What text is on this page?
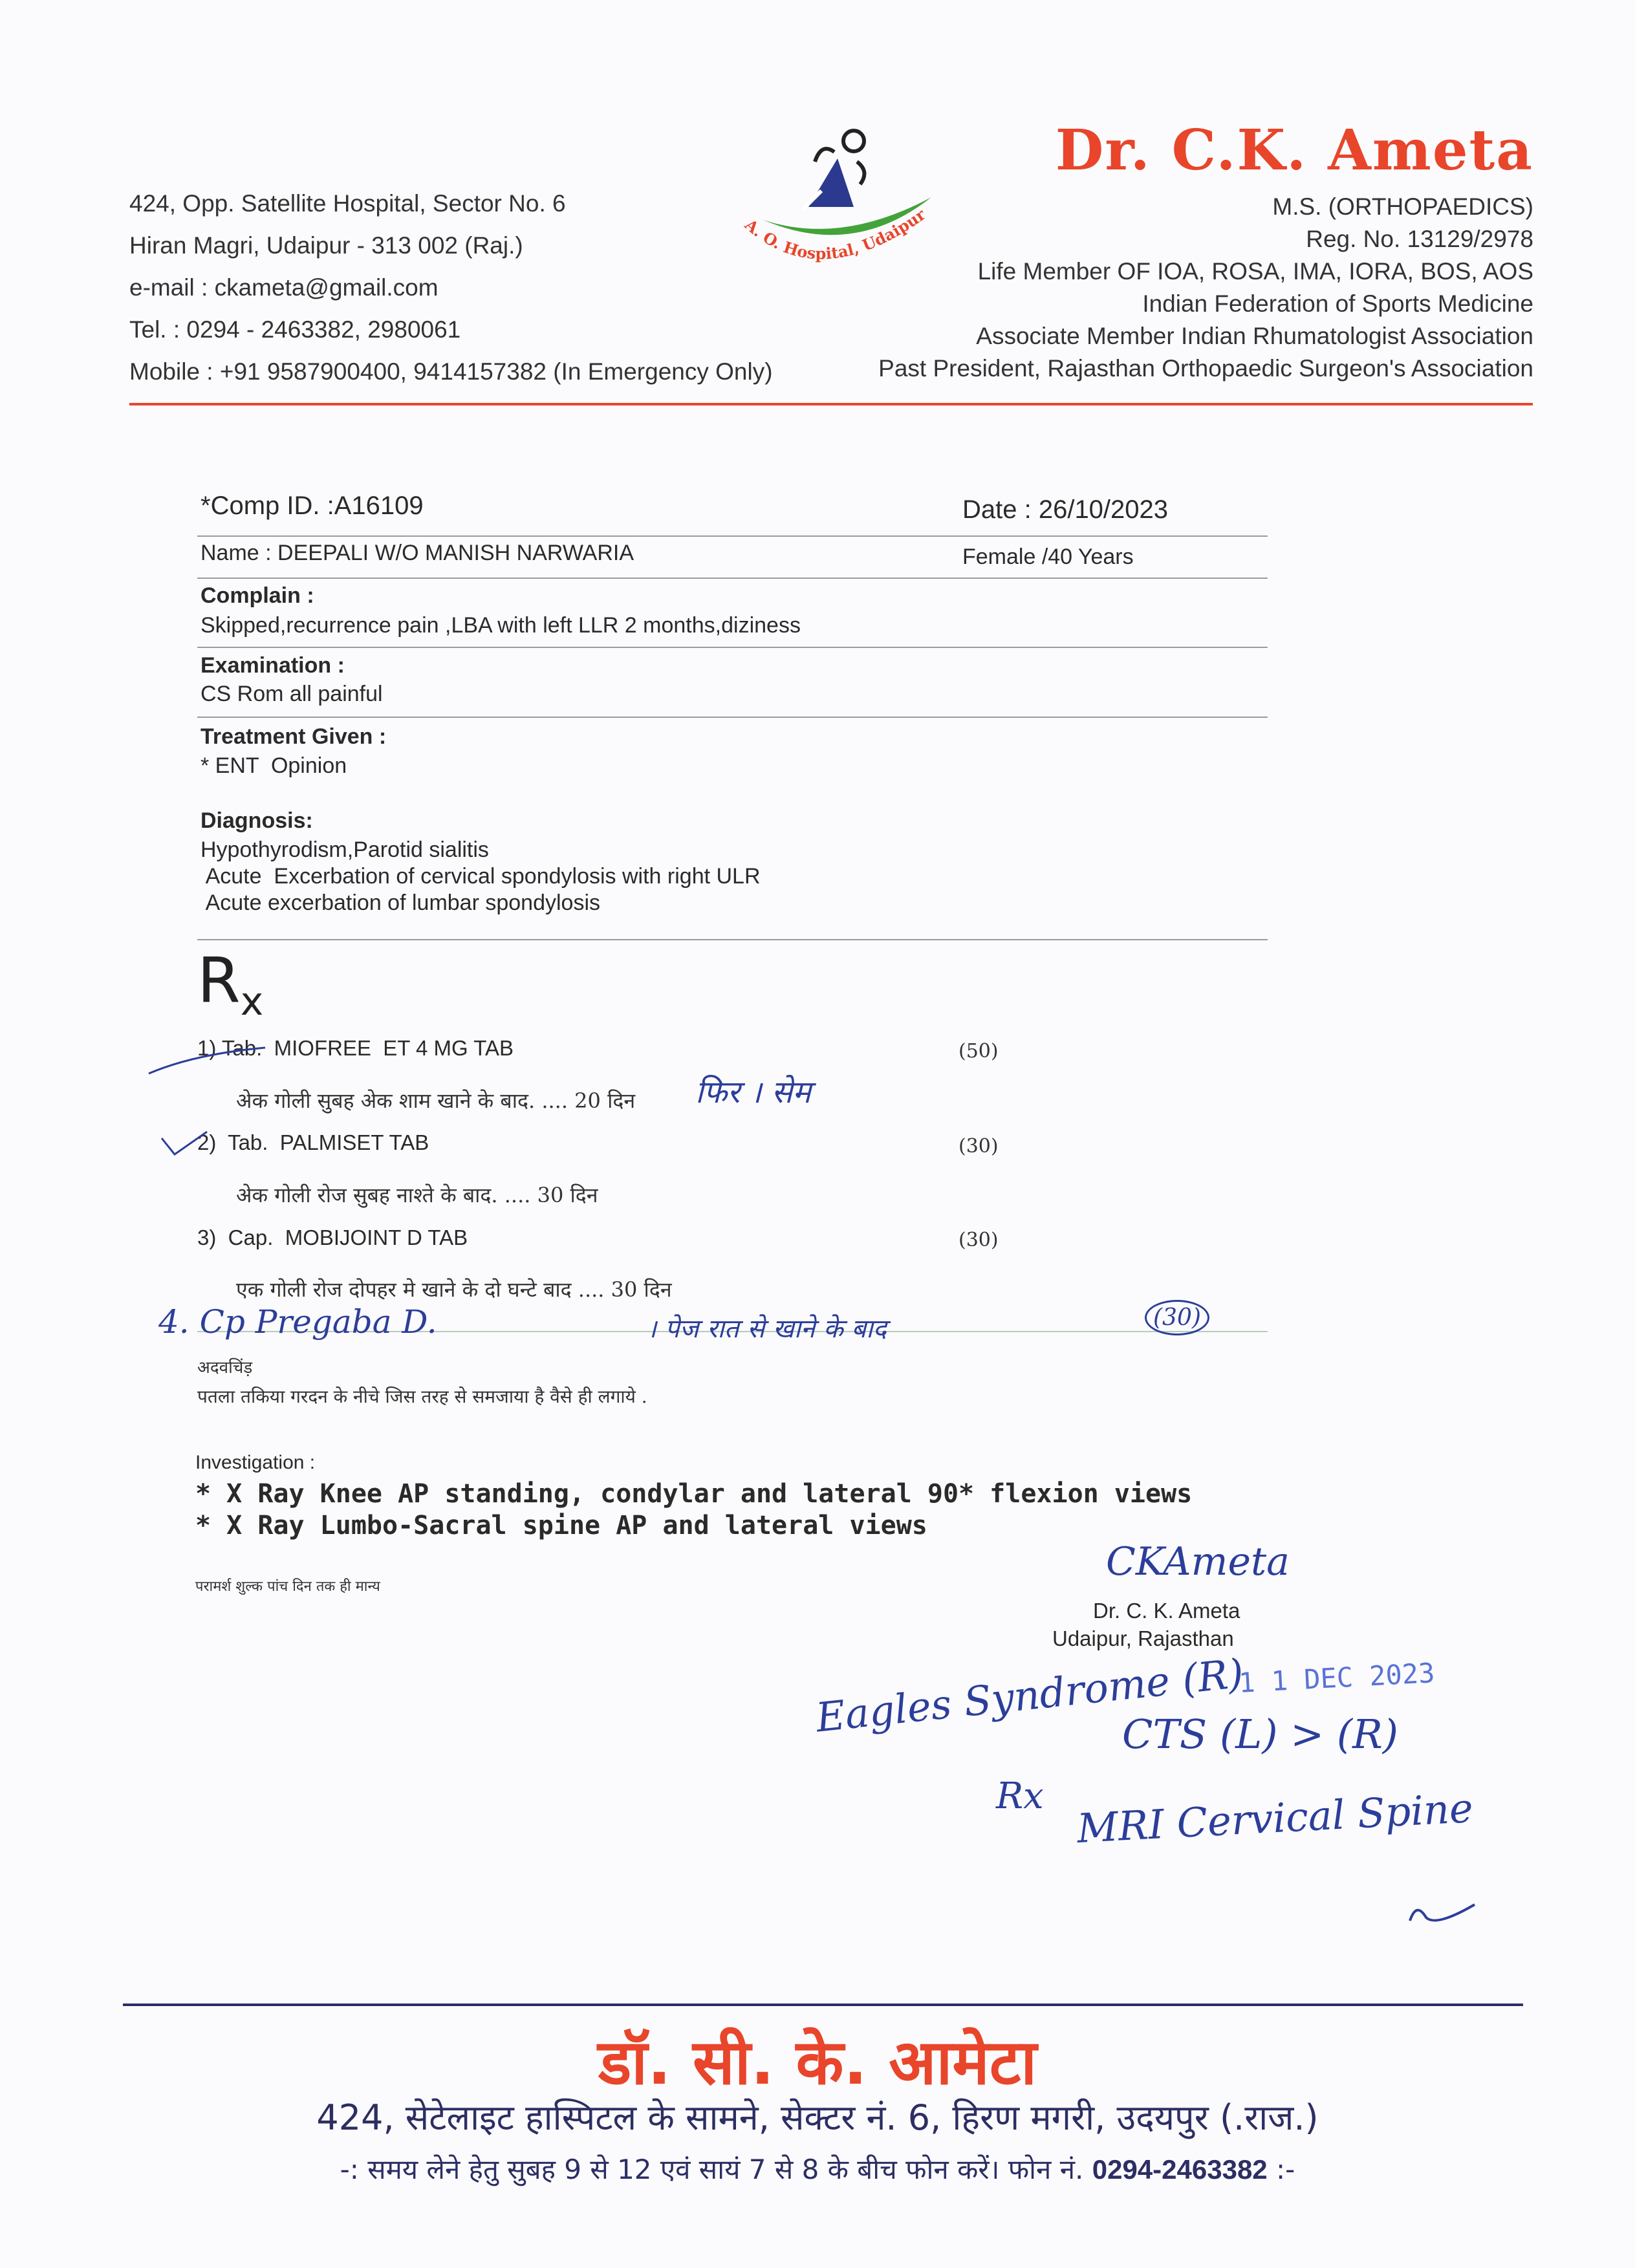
424, Opp. Satellite Hospital, Sector No. 6
Hiran Magri, Udaipur - 313 002 (Raj.)
e-mail : ckameta@gmail.com
Tel. : 0294 - 2463382, 2980061
Mobile : +91 9587900400, 9414157382 (In Emergency Only)
A. O. Hospital, Udaipur
Dr. C.K. Ameta
M.S. (ORTHOPAEDICS)
Reg. No. 13129/2978
Life Member OF IOA, ROSA, IMA, IORA, BOS, AOS
Indian Federation of Sports Medicine
Associate Member Indian Rhumatologist Association
Past President, Rajasthan Orthopaedic Surgeon's Association
*Comp ID. :A16109	Date : 26/10/2023
Name : DEEPALI W/O MANISH NARWARIA	Female /40 Years
Complain :
Skipped,recurrence pain ,LBA with left LLR 2 months,diziness
Examination :
CS Rom all painful
Treatment Given :
* ENT  Opinion
Diagnosis:
Hypothyrodism,Parotid sialitis
Acute  Excerbation of cervical spondylosis with right ULR
Acute excerbation of lumbar spondylosis
$R_x$
1) Tab.  MIOFREE  ET 4 MG TAB	(50)
अेक गोली सुबह अेक शाम खाने के बाद. .... 20 दिन
2)  Tab.  PALMISET TAB	(30)
अेक गोली रोज सुबह नाश्ते के बाद. .... 30 दिन
3)  Cap.  MOBIJOINT D TAB	(30)
एक गोली रोज दोपहर मे खाने के दो घन्टे बाद .... 30 दिन
अदवचिंड़
पतला तकिया गरदन के नीचे जिस तरह से समजाया है वैसे ही लगाये .
फिर । सेम
4. Cp Pregaba D.	। पेज रात से खाने के बाद	(30)
Investigation :
* X Ray Knee AP standing, condylar and lateral 90* flexion views
* X Ray Lumbo-Sacral spine AP and lateral views
परामर्श शुल्क पांच दिन तक ही मान्य
CKAmeta
Dr. C. K. Ameta
Udaipur, Rajasthan
Eagles Syndrome (R)
1 1 DEC 2023
CTS (L) > (R)
Rx MRI Cervical Spine
डॉ. सी. के. आमेटा
424, सेटेलाइट हास्पिटल के सामने, सेक्टर नं. 6, हिरण मगरी, उदयपुर (.राज.)
-: समय लेने हेतु सुबह 9 से 12 एवं सायं 7 से 8 के बीच फोन करें। फोन नं. 0294-2463382 :-
